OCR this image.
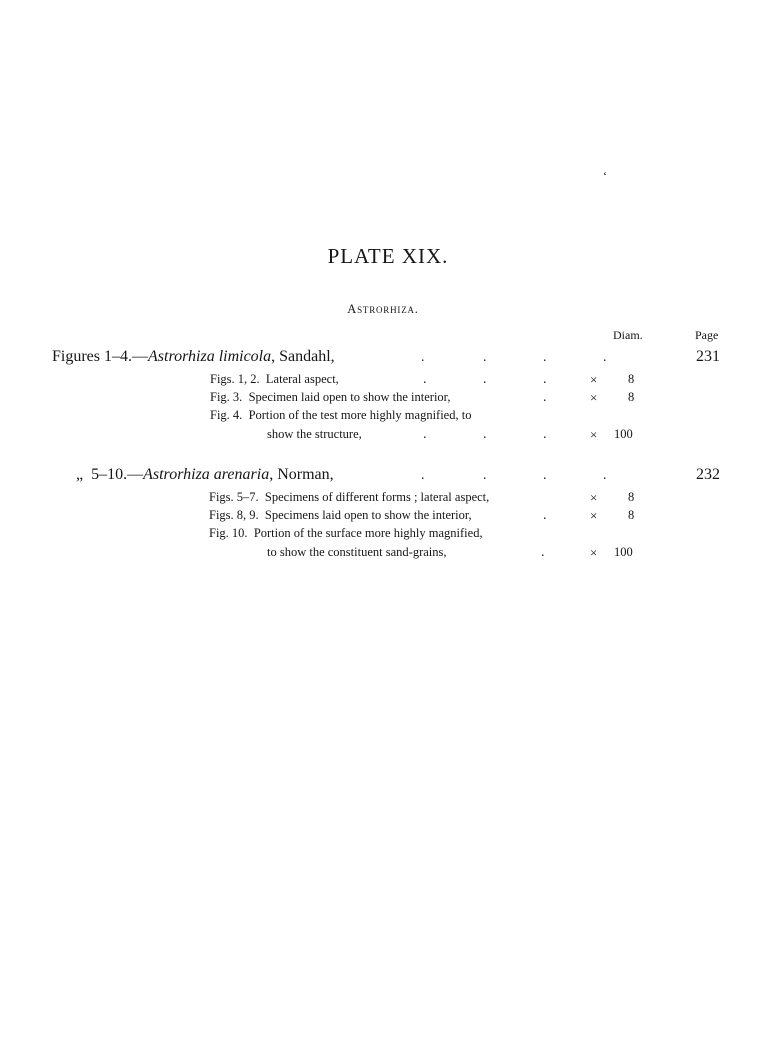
‘
PLATE XIX.
Astrorhiza.
Diam.	Page
Figures 1–4.—Astrorhiza limicola, Sandahl,	.	.	.	.	231
Figs. 1, 2. Lateral aspect,	.	.	.	× 8
Fig. 3. Specimen laid open to show the interior,	.	× 8
Fig. 4. Portion of the test more highly magnified, to
show the structure,	.	.	.	× 100
„  5–10.—Astrorhiza arenaria, Norman,	.	.	.	.	232
Figs. 5–7. Specimens of different forms ; lateral aspect,	× 8
Figs. 8, 9. Specimens laid open to show the interior,	.	× 8
Fig. 10. Portion of the surface more highly magnified,
to show the constituent sand-grains,	.	× 100
